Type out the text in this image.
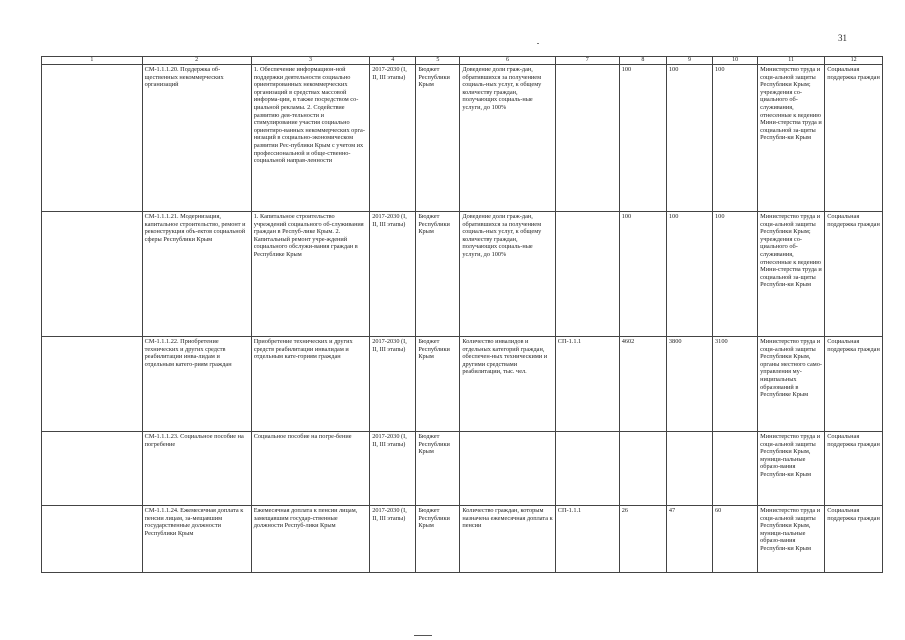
31
1	2	3	4	5	6	7	8	9	10	11	12
	СМ-1.1.1.20. Поддержка об-щественных некоммерческих организаций	1. Обеспечение информацион-ной поддержки деятельности социально ориентированных некоммерческих организаций в средствах массовой информа-ции, в также посредством со-циальной рекламы. 2. Содействие развитию дея-тельности и стимулирование участия социально ориентиро-ванных некоммерческих орга-низаций в социально-экономическом развитии Рес-публики Крым с учетом их профессиональной и обще-ственно-социальной направ-ленности	2017-2030 (I, II, III этапы)	Бюджет Республики Крым	Доведение доли граж-дан, обратившихся за получением социаль-ных услуг, к общему количеству граждан, получающих социаль-ные услуги, до 100%		100	100	100	Министерство труда и соци-альной защиты Республики Крым; учреждения со-циального об-служивания, отнесенные к ведению Мини-стерства труда и социальной за-щиты Республи-ки Крым	Социальная поддержка граждан
	СМ-1.1.1.21. Модернизация, капитальное строительство, ремонт и реконструкция объ-ектов социальной сферы Республики Крым	1. Капитальное строительство учреждений социального об-служивания граждан в Респуб-лике Крым. 2. Капитальный ремонт учре-ждений социального обслужи-вания граждан в Республике Крым	2017-2030 (I, II, III этапы)	Бюджет Республики Крым	Доведение доли граж-дан, обратившихся за получением социаль-ных услуг, к общему количеству граждан, получающих социаль-ные услуги, до 100%		100	100	100	Министерство труда и соци-альной защиты Республики Крым; учреждения со-циального об-служивания, отнесенные к ведению Мини-стерства труда и социальной за-щиты Республи-ки Крым	Социальная поддержка граждан
	СМ-1.1.1.22. Приобретение технических и других средств реабилитации инва-лидам и отдельным катего-риям граждан	Приобретение технических и других средств реабилитации инвалидам и отдельным кате-гориям граждан	2017-2030 (I, II, III этапы)	Бюджет Республики Крым	Количество инвалидов и отдельных категорий граждан, обеспечен-ных техническими и другими средствами реабилитации, тыс. чел.	СП-1.1.1	4602	3800	3100	Министерство труда и соци-альной защиты Республики Крым, органы местного само-управления му-ниципальных образований в Республике Крым	Социальная поддержка граждан
	СМ-1.1.1.23. Социальное пособие на погребение	Социальное пособие на погре-бение	2017-2030 (I, II, III этапы)	Бюджет Республики Крым						Министерство труда и соци-альной защиты Республики Крым, муници-пальные образо-вания Республи-ки Крым	Социальная поддержка граждан
	СМ-1.1.1.24. Ежемесячная доплата к пенсии лицам, за-мещавшим государственные должности Республики Крым	Ежемесячная доплата к пенсии лицам, замещавшим государ-ственные должности Респуб-лики Крым	2017-2030 (I, II, III этапы)	Бюджет Республики Крым	Количество граждан, которым назначена ежемесячная доплата к пенсии	СП-1.1.1	26	47	60	Министерство труда и соци-альной защиты Республики Крым, муници-пальные образо-вания Республи-ки Крым	Социальная поддержка граждан
